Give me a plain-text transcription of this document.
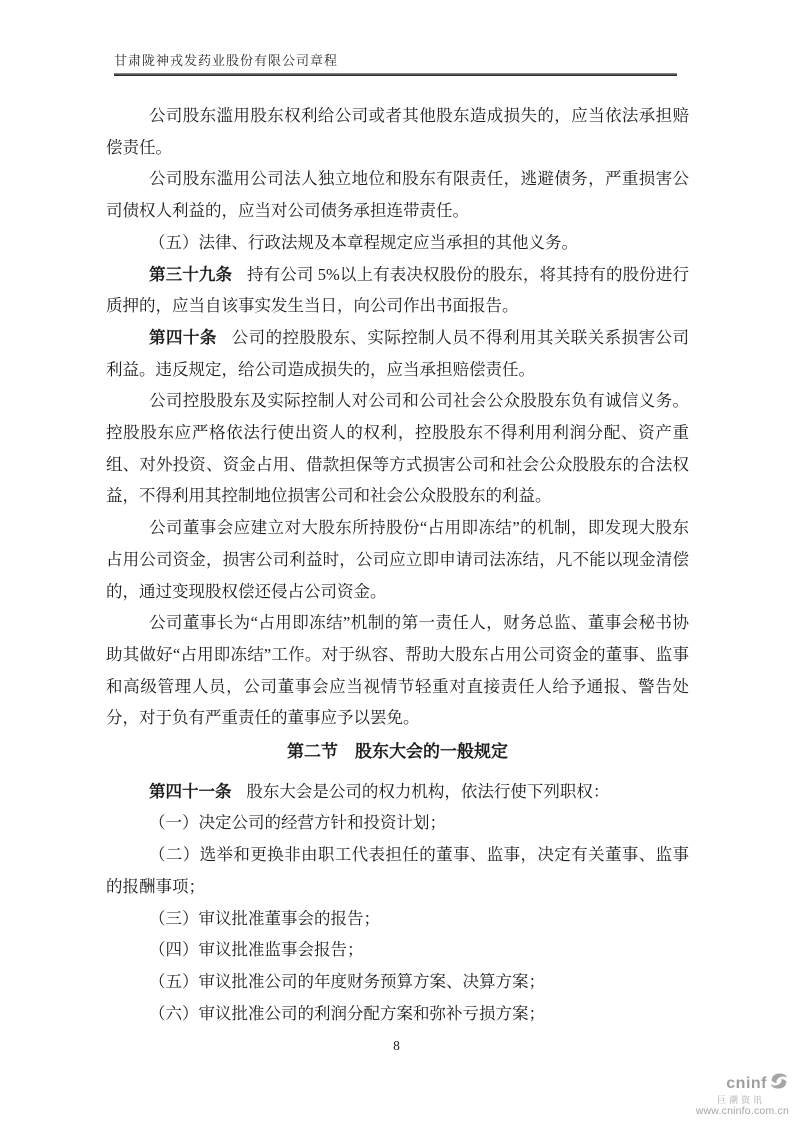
甘肃陇神戎发药业股份有限公司章程

公司股东滥用股东权利给公司或者其他股东造成损失的，应当依法承担赔偿责任。

公司股东滥用公司法人独立地位和股东有限责任，逃避债务，严重损害公司债权人利益的，应当对公司债务承担连带责任。

（五）法律、行政法规及本章程规定应当承担的其他义务。

第三十九条 持有公司 5%以上有表决权股份的股东，将其持有的股份进行质押的，应当自该事实发生当日，向公司作出书面报告。

第四十条 公司的控股股东、实际控制人员不得利用其关联关系损害公司利益。违反规定，给公司造成损失的，应当承担赔偿责任。

公司控股股东及实际控制人对公司和公司社会公众股股东负有诚信义务。控股股东应严格依法行使出资人的权利，控股股东不得利用利润分配、资产重组、对外投资、资金占用、借款担保等方式损害公司和社会公众股股东的合法权益，不得利用其控制地位损害公司和社会公众股股东的利益。

公司董事会应建立对大股东所持股份“占用即冻结”的机制，即发现大股东占用公司资金，损害公司利益时，公司应立即申请司法冻结，凡不能以现金清偿的，通过变现股权偿还侵占公司资金。

公司董事长为“占用即冻结”机制的第一责任人，财务总监、董事会秘书协助其做好“占用即冻结”工作。对于纵容、帮助大股东占用公司资金的董事、监事和高级管理人员，公司董事会应当视情节轻重对直接责任人给予通报、警告处分，对于负有严重责任的董事应予以罢免。

第二节　股东大会的一般规定

第四十一条 股东大会是公司的权力机构，依法行使下列职权：

（一）决定公司的经营方针和投资计划；

（二）选举和更换非由职工代表担任的董事、监事，决定有关董事、监事的报酬事项；

（三）审议批准董事会的报告；

（四）审议批准监事会报告；

（五）审议批准公司的年度财务预算方案、决算方案；

（六）审议批准公司的利润分配方案和弥补亏损方案；

8
cninf
巨潮资讯
www.cninfo.com.cn
